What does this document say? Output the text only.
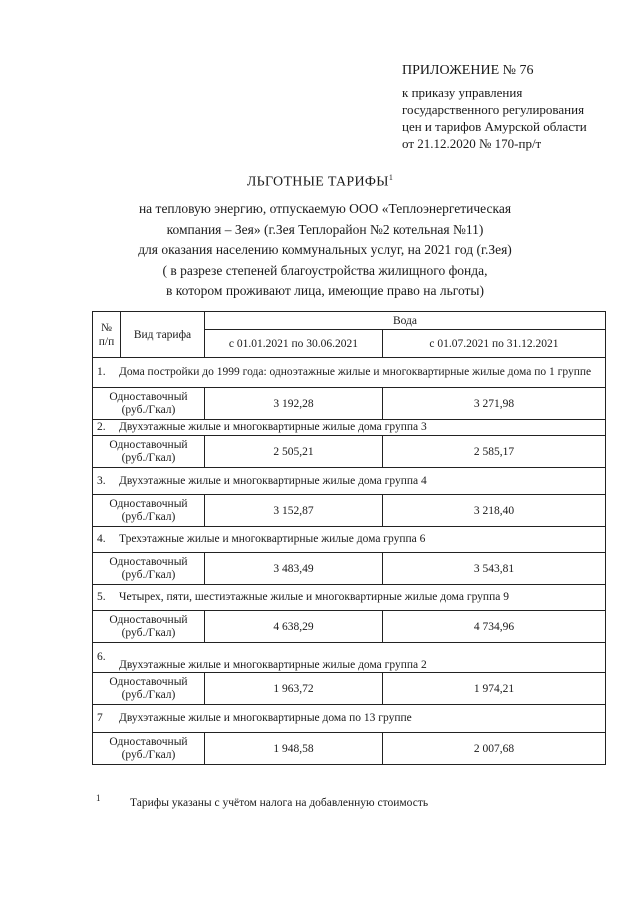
ПРИЛОЖЕНИЕ № 76
к приказу управления
государственного регулирования
цен и тарифов Амурской области
от 21.12.2020 № 170-пр/т
ЛЬГОТНЫЕ ТАРИФЫ$^1$
на тепловую энергию, отпускаемую ООО «Теплоэнергетическая
компания – Зея» (г.Зея Теплорайон №2 котельная №11)
для оказания населению коммунальных услуг, на 2021 год (г.Зея)
( в разрезе степеней благоустройства жилищного фонда,
в котором проживают лица, имеющие право на льготы)
№ п/п	Вид тарифа	Вода	
		с 01.01.2021 по 30.06.2021	с 01.07.2021 по 31.12.2021
1. Дома постройки до 1999 года: одноэтажные жилые и многоквартирные жилые дома по 1 группе			
Одноставочный (руб./Гкал)		3 192,28	3 271,98
2. Двухэтажные жилые и многоквартирные жилые дома группа 3			
Одноставочный (руб./Гкал)		2 505,21	2 585,17
3. Двухэтажные жилые и многоквартирные жилые дома группа 4			
Одноставочный (руб./Гкал)		3 152,87	3 218,40
4. Трехэтажные жилые и многоквартирные жилые дома группа 6			
Одноставочный (руб./Гкал)		3 483,49	3 543,81
5. Четырех, пяти, шестиэтажные жилые и многоквартирные жилые дома группа 9			
Одноставочный (руб./Гкал)		4 638,29	4 734,96
6.Двухэтажные жилые и многоквартирные жилые дома группа 2			
Одноставочный (руб./Гкал)		1 963,72	1 974,21
7 Двухэтажные жилые и многоквартирные дома по 13 группе			
Одноставочный (руб./Гкал)		1 948,58	2 007,68
1	Тарифы указаны с учётом налога на добавленную стоимость
